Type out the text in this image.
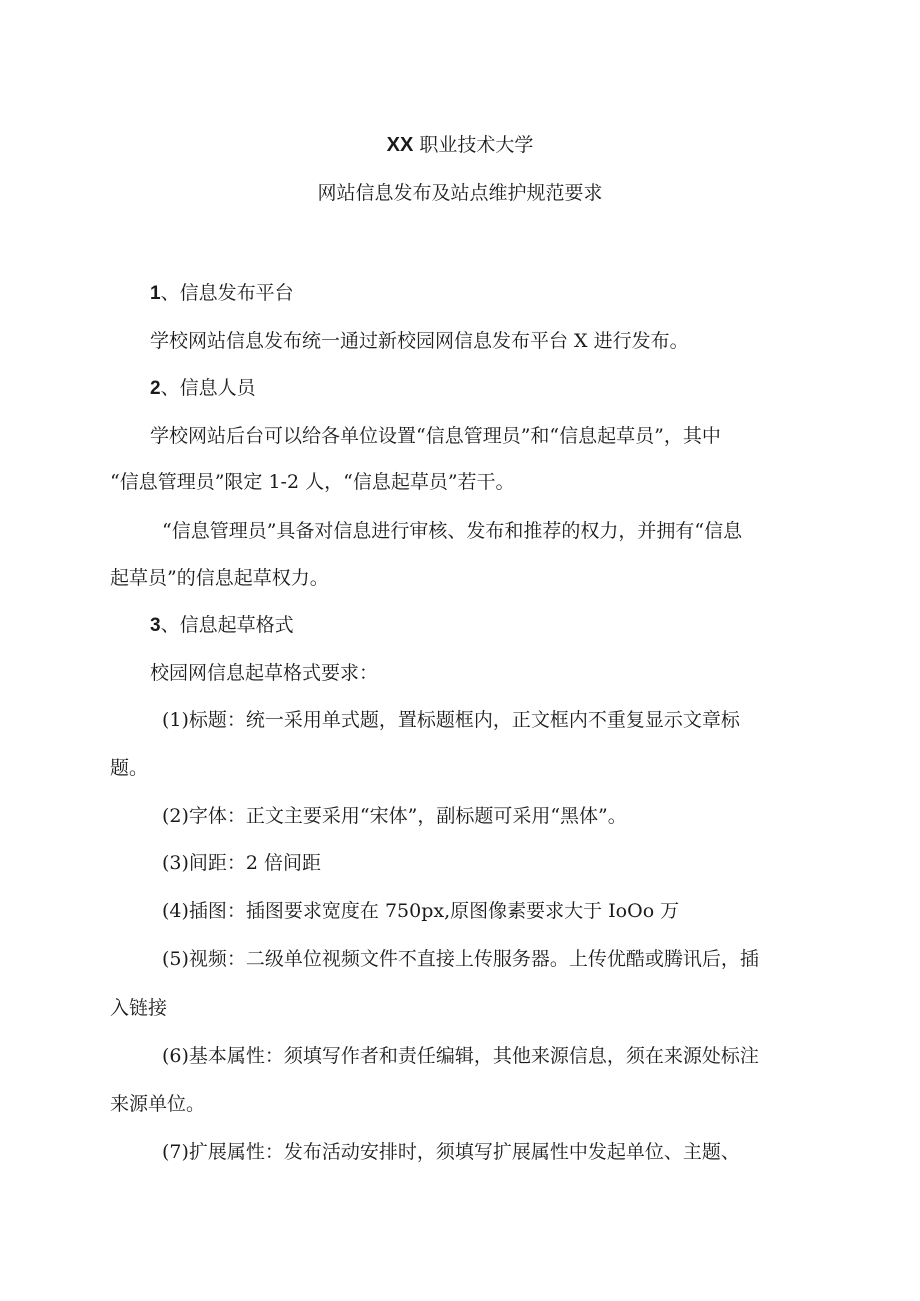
XX 职业技术大学
网站信息发布及站点维护规范要求
1、信息发布平台
学校网站信息发布统一通过新校园网信息发布平台 X 进行发布。
2、信息人员
学校网站后台可以给各单位设置“信息管理员”和“信息起草员”，其中
“信息管理员”限定 1-2 人，“信息起草员”若干。
“信息管理员”具备对信息进行审核、发布和推荐的权力，并拥有“信息
起草员”的信息起草权力。
3、信息起草格式
校园网信息起草格式要求：
(1)标题：统一采用单式题，置标题框内，正文框内不重复显示文章标
题。
(2)字体：正文主要采用“宋体”，副标题可采用“黑体”。
(3)间距：2 倍间距
(4)插图：插图要求宽度在 750px,原图像素要求大于 IoOo 万
(5)视频：二级单位视频文件不直接上传服务器。上传优酷或腾讯后，插
入链接
(6)基本属性：须填写作者和责任编辑，其他来源信息，须在来源处标注
来源单位。
(7)扩展属性：发布活动安排时，须填写扩展属性中发起单位、主题、
